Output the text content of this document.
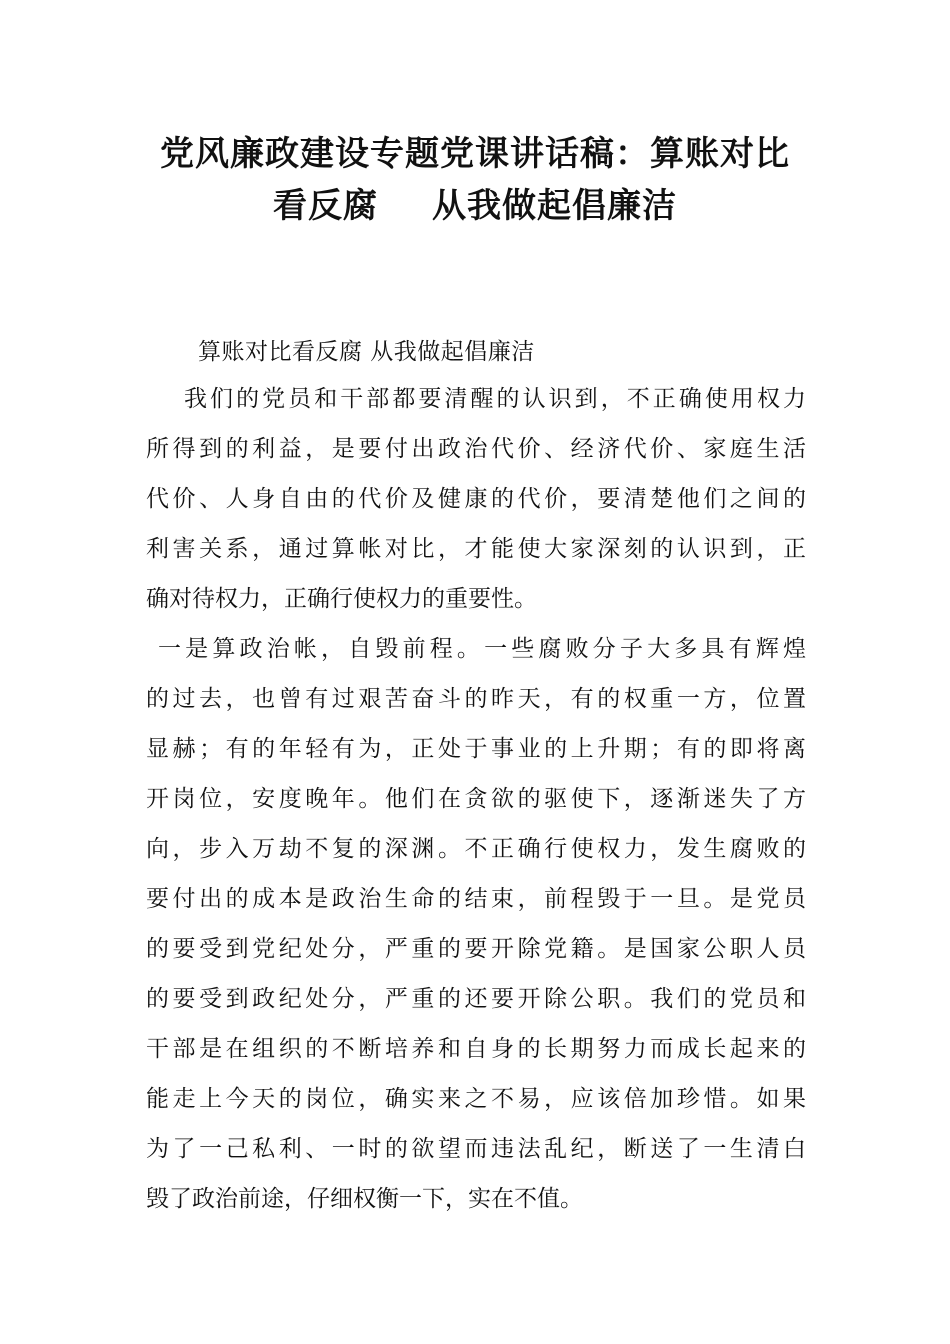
党风廉政建设专题党课讲话稿：算账对比
看反腐 从我做起倡廉洁
算账对比看反腐 从我做起倡廉洁
我们的党员和干部都要清醒的认识到，不正确使用权力
所得到的利益，是要付出政治代价、经济代价、家庭生活
代价、人身自由的代价及健康的代价，要清楚他们之间的
利害关系，通过算帐对比，才能使大家深刻的认识到，正
确对待权力，正确行使权力的重要性。
一是算政治帐，自毁前程。一些腐败分子大多具有辉煌
的过去，也曾有过艰苦奋斗的昨天，有的权重一方，位置
显赫；有的年轻有为，正处于事业的上升期；有的即将离
开岗位，安度晚年。他们在贪欲的驱使下，逐渐迷失了方
向，步入万劫不复的深渊。不正确行使权力，发生腐败的
要付出的成本是政治生命的结束，前程毁于一旦。是党员
的要受到党纪处分，严重的要开除党籍。是国家公职人员
的要受到政纪处分，严重的还要开除公职。我们的党员和
干部是在组织的不断培养和自身的长期努力而成长起来的
能走上今天的岗位，确实来之不易，应该倍加珍惜。如果
为了一己私利、一时的欲望而违法乱纪，断送了一生清白
毁了政治前途，仔细权衡一下，实在不值。
